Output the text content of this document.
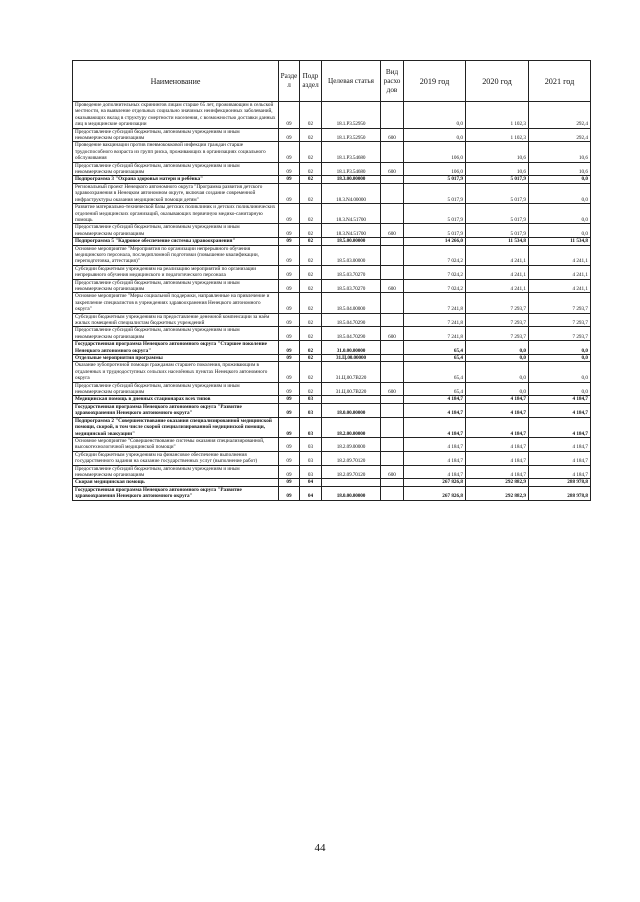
Наименование	Разде л	Подр аздел	Целевая статья	Вид расхо дов	2019 год	2020 год	2021 год
Проведение дополнительных скринингов лицам старше 65 лет, проживающим в сельской местности, на выявление отдельных социально значимых неинфекционных заболеваний, оказывающих вклад в структуру смертности населения, с возможностью доставки данных лиц в медицинские организации	09	02	18.1.P3.52950		0,0	1 102,3	292,4
Предоставление субсидий бюджетным, автономным учреждениям и иным некоммерческим организациям	09	02	18.1.P3.52950	600	0,0	1 102,3	292,4
Проведение вакцинации против пневмококковой инфекции граждан старше трудоспособного возраста из групп риска, проживающих в организациях социального обслуживания	09	02	18.1.P3.54680		106,0	10,6	10,6
Предоставление субсидий бюджетным, автономным учреждениям и иным некоммерческим организациям	09	02	18.1.P3.54680	600	106,0	10,6	10,6
Подпрограмма 3 "Охрана здоровья матери и ребёнка"	09	02	18.3.00.00000		5 017,9	5 017,9	0,0
Региональный проект Ненецкого автономного округа "Программа развития детского здравоохранения в Ненецком автономном округе, включая создание современной инфраструктуры оказания медицинской помощи детям"	09	02	18.3.N4.00000		5 017,9	5 017,9	0,0
Развитие материально-технической базы детских поликлиник и детских поликлинических отделений медицинских организаций, оказывающих первичную медико-санитарную помощь	09	02	18.3.N4.51700		5 017,9	5 017,9	0,0
Предоставление субсидий бюджетным, автономным учреждениям и иным некоммерческим организациям	09	02	18.3.N4.51700	600	5 017,9	5 017,9	0,0
Подпрограмма 5 "Кадровое обеспечение системы здравоохранения"	09	02	18.5.00.00000		14 266,0	11 534,8	11 534,8
Основное мероприятие "Мероприятия по организации непрерывного обучения медицинского персонала, последипломной подготовки (повышение квалификации, переподготовка, аттестация)"	09	02	18.5.03.00000		7 024,2	4 241,1	4 241,1
Субсидии бюджетным учреждениям на реализацию мероприятий по организации непрерывного обучения медицинского и педагогического персонала	09	02	18.5.03.70270		7 024,2	4 241,1	4 241,1
Предоставление субсидий бюджетным, автономным учреждениям и иным некоммерческим организациям	09	02	18.5.03.70270	600	7 024,2	4 241,1	4 241,1
Основное мероприятие "Меры социальной поддержки, направленные на привлечение и закрепление специалистов в учреждениях здравоохранения Ненецкого автономного округа"	09	02	18.5.04.00000		7 241,8	7 293,7	7 293,7
Субсидии бюджетным учреждениям на предоставление денежной компенсации за наём жилых помещений специалистам бюджетных учреждений	09	02	18.5.04.70290		7 241,8	7 293,7	7 293,7
Предоставление субсидий бюджетным, автономным учреждениям и иным некоммерческим организациям	09	02	18.5.04.70290	600	7 241,8	7 293,7	7 293,7
Государственная программа Ненецкого автономного округа "Старшее поколение Ненецкого автономного округа"	09	02	31.0.00.00000		65,4	0,0	0,0
Отдельные мероприятия программы	09	02	31.Ц.00.00000		65,4	0,0	0,0
Оказание зубопротезной помощи гражданам старшего поколения, проживающим в отдаленных и труднодоступных сельских населённых пунктах Ненецкого автономного округа	09	02	31.Ц.00.7В220		65,4	0,0	0,0
Предоставление субсидий бюджетным, автономным учреждениям и иным некоммерческим организациям	09	02	31.Ц.00.7В220	600	65,4	0,0	0,0
Медицинская помощь в дневных стационарах всех типов	09	03			4 184,7	4 184,7	4 184,7
Государственная программа Ненецкого автономного округа "Развитие здравоохранения Ненецкого автономного округа"	09	03	18.0.00.00000		4 184,7	4 184,7	4 184,7
Подпрограмма 2 "Совершенствование оказания специализированной медицинской помощи, скорой, в том числе скорой специализированной медицинской помощи, медицинской эвакуации"	09	03	18.2.00.00000		4 184,7	4 184,7	4 184,7
Основное мероприятие "Совершенствование системы оказания специализированной, высокотехнологичной медицинской помощи"	09	03	18.2.09.00000		4 184,7	4 184,7	4 184,7
Субсидии бюджетным учреждениям на финансовое обеспечение выполнения государственного задания на оказание государственных услуг (выполнение работ)	09	03	18.2.09.70120		4 184,7	4 184,7	4 184,7
Предоставление субсидий бюджетным, автономным учреждениям и иным некоммерческим организациям	09	03	18.2.09.70120	600	4 184,7	4 184,7	4 184,7
Скорая медицинская помощь	09	04			267 826,8	292 882,9	288 978,8
Государственная программа Ненецкого автономного округа "Развитие здравоохранения Ненецкого автономного округа"	09	04	18.0.00.00000		267 826,8	292 882,9	288 978,8
44
